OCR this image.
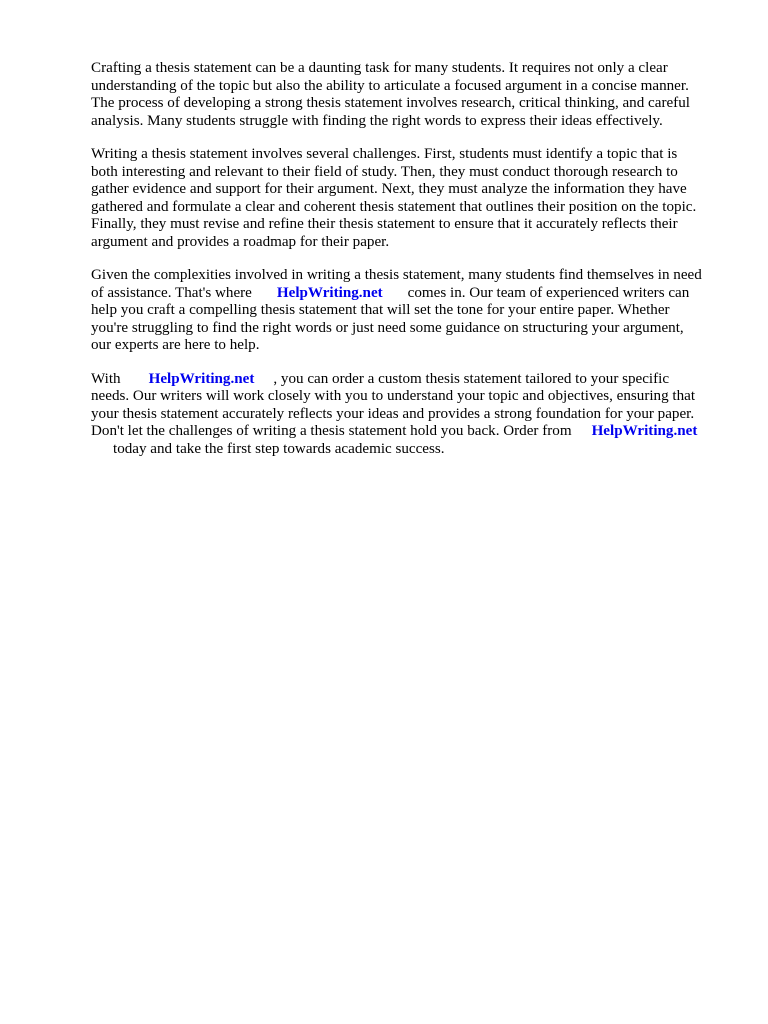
Crafting a thesis statement can be a daunting task for many students. It requires not only a clear
understanding of the topic but also the ability to articulate a focused argument in a concise manner.
The process of developing a strong thesis statement involves research, critical thinking, and careful
analysis. Many students struggle with finding the right words to express their ideas effectively.

Writing a thesis statement involves several challenges. First, students must identify a topic that is
both interesting and relevant to their field of study. Then, they must conduct thorough research to
gather evidence and support for their argument. Next, they must analyze the information they have
gathered and formulate a clear and coherent thesis statement that outlines their position on the topic.
Finally, they must revise and refine their thesis statement to ensure that it accurately reflects their
argument and provides a roadmap for their paper.

Given the complexities involved in writing a thesis statement, many students find themselves in need
of assistance. That's where HelpWriting.net comes in. Our team of experienced writers can
help you craft a compelling thesis statement that will set the tone for your entire paper. Whether
you're struggling to find the right words or just need some guidance on structuring your argument,
our experts are here to help.

With HelpWriting.net , you can order a custom thesis statement tailored to your specific
needs. Our writers will work closely with you to understand your topic and objectives, ensuring that
your thesis statement accurately reflects your ideas and provides a strong foundation for your paper.
Don't let the challenges of writing a thesis statement hold you back. Order from HelpWriting.net
today and take the first step towards academic success.
